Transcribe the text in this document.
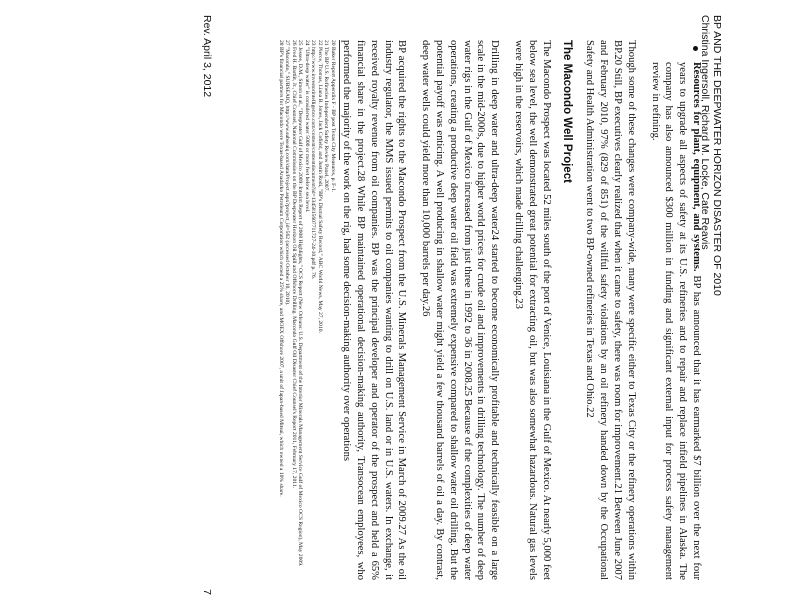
BP AND THE DEEPWATER HORIZON DISASTER OF 2010
Christina Ingersoll, Richard M. Locke, Cate Reavis

Resources for plant, equipment, and systems. BP has announced that it has earmarked $7 billion over the next four years to upgrade all aspects of safety at its U.S. refineries and to repair and replace infield pipelines in Alaska. The company has also announced $300 million in funding and significant external input for process safety management review in refining.

Though some of these changes were company-wide, many were specific either to Texas City or the refinery operations within BP.20 Still, BP executives clearly realized that when it came to safety, there was room for improvement.21 Between June 2007 and February 2010, 97% (829 of 851) of the willful safety violations by an oil refinery handed down by the Occupational Safety and Health Administration went to two BP-owned refineries in Texas and Ohio.22

The Macondo Well Project

The Macondo Prospect was located 52 miles south of the port of Venice, Louisiana in the Gulf of Mexico. At nearly 5,000 feet below sea level, the well demonstrated great potential for extracting oil, but was also somewhat hazardous. Natural gas levels were high in the reservoirs, which made drilling challenging.23

Drilling in deep water and ultra-deep water24 started to become economically profitable and technically feasible on a large scale in the mid-2000s, due to higher world prices for crude oil and improvements in drilling technology. The number of deep water rigs in the Gulf of Mexico increased from just three in 1992 to 36 in 2008.25 Because of the complexities of deep water operations, creating a productive deep water oil field was extremely expensive compared to shallow water oil drilling. But the potential payoff was enticing. A well producing in shallow water might yield a few thousand barrels of oil a day. By contrast, deep water wells could yield more than 10,000 barrels per day.26

BP acquired the rights to the Macondo Prospect from the U.S. Minerals Management Service in March of 2009.27 As the oil industry regulator, the MMS issued permits to oil companies wanting to drill on U.S. land or in U.S. waters. In exchange, it received royalty revenue from oil companies. BP was the principal developer and operator of the prospect and held a 65% financial share in the project.28 While BP maintained operational decision-making authority, Transocean employees, who performed the majority of the work on the rig, had some decision-making authority over operations

20 Baker Report Appendix F - BP post Texas City Measures, p. F-1.
21 The BP U.S. Refineries Independent Safety Review Panel, 2007.
22 Pierce, Thomas, Liana B. Jones, Jack Cofield, and Justin Rodi, "BP's Dismal Safety Record," ABC World News, May 27, 2010.
23 http://www.investorintelligence.com/content/contentdocument?id=1345815607711727-24-10.pdf p. 76.
24 "Ultra-deep water" is considered water 5000 or more feet below sea level.
25 Jessee, D.M., Simon et al., "Deepwater Gulf of Mexico 2009: Interim Report of 2008 Highlights," OCS Report (New Orleans: U.S. Department of the Interior Minerals Management Service Gulf of Mexico OCS Region), May 2009.
26 Fred H. Bartlit, Jr., Chief Counsel, National Commission on the BP Deepwater Horizon Oil Spill and Offshore Drilling. Macondo Gulf Oil Disaster Chief Counsel's Report 2011, February 17, 2011.
27 "Macondo," SUBSEAIQ, http://www.subseaiq.com/data/Project.aspx?project_id=562 (accessed October 10, 2010).
28 BP's financial partners for Macondo were Texas-based Anadarko Petroleum Corporation which owned a 25% share, and MOEX Offshore 2007, a unit of Japan-based Mitsui, which owned a 10% share.
Rev. April 3, 2012
7
